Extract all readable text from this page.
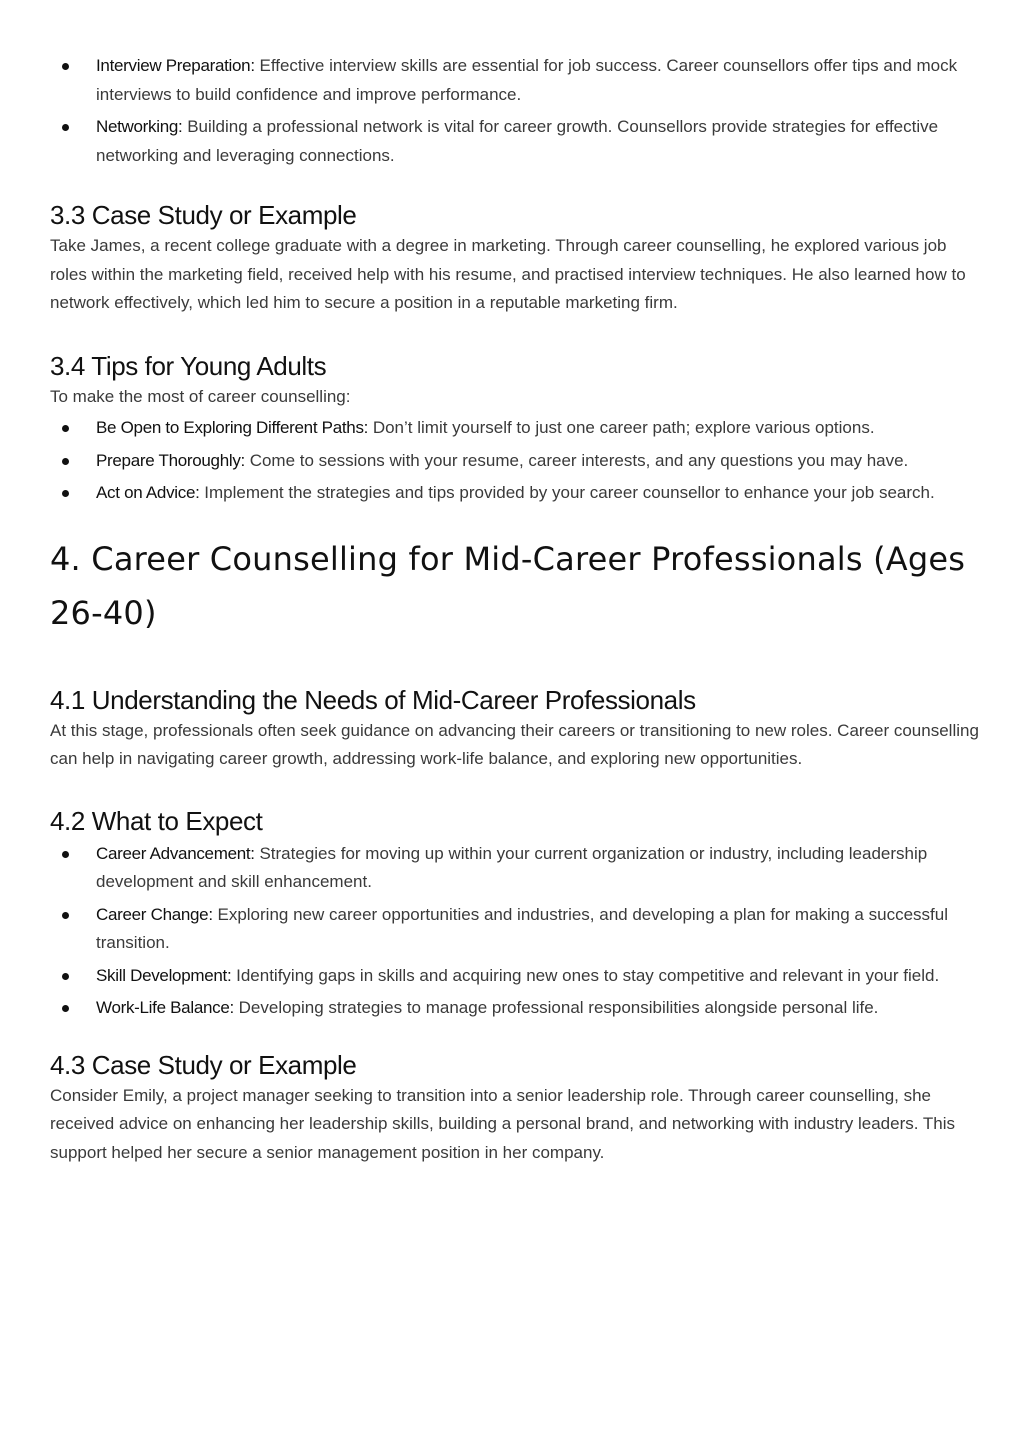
Interview Preparation: Effective interview skills are essential for job success. Career counsellors offer tips and mock interviews to build confidence and improve performance.
Networking: Building a professional network is vital for career growth. Counsellors provide strategies for effective networking and leveraging connections.
3.3 Case Study or Example

Take James, a recent college graduate with a degree in marketing. Through career counselling, he explored various job roles within the marketing field, received help with his resume, and practised interview techniques. He also learned how to network effectively, which led him to secure a position in a reputable marketing firm.

3.4 Tips for Young Adults

To make the most of career counselling:

Be Open to Exploring Different Paths: Don’t limit yourself to just one career path; explore various options.
Prepare Thoroughly: Come to sessions with your resume, career interests, and any questions you may have.
Act on Advice: Implement the strategies and tips provided by your career counsellor to enhance your job search.
4. Career Counselling for Mid-Career Professionals (Ages 26-40)
4.1 Understanding the Needs of Mid-Career Professionals

At this stage, professionals often seek guidance on advancing their careers or transitioning to new roles. Career counselling can help in navigating career growth, addressing work-life balance, and exploring new opportunities.

4.2 What to Expect
Career Advancement: Strategies for moving up within your current organization or industry, including leadership development and skill enhancement.
Career Change: Exploring new career opportunities and industries, and developing a plan for making a successful transition.
Skill Development: Identifying gaps in skills and acquiring new ones to stay competitive and relevant in your field.
Work-Life Balance: Developing strategies to manage professional responsibilities alongside personal life.
4.3 Case Study or Example

Consider Emily, a project manager seeking to transition into a senior leadership role. Through career counselling, she received advice on enhancing her leadership skills, building a personal brand, and networking with industry leaders. This support helped her secure a senior management position in her company.
